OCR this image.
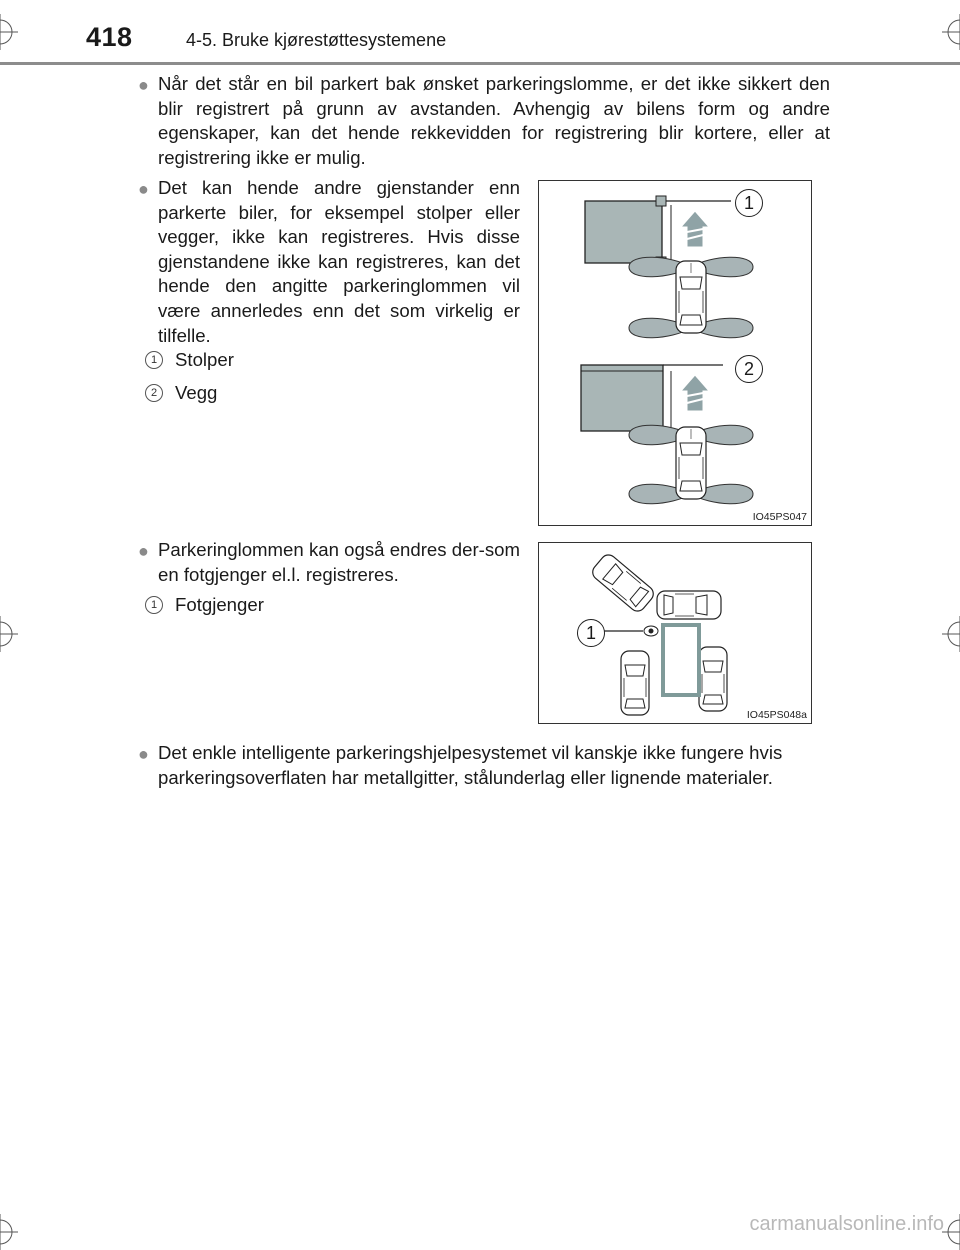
418	4-5. Bruke kjørestøttesystemene
● Når det står en bil parkert bak ønsket parkeringslomme, er det ikke sikkert den blir registrert på grunn av avstanden. Avhengig av bilens form og andre egenskaper, kan det hende rekkevidden for registrering blir kortere, eller at registrering ikke er mulig.
● Det kan hende andre gjenstander enn parkerte biler, for eksempel stolper eller vegger, ikke kan registreres. Hvis disse gjenstandene ikke kan registreres, kan det hende den angitte parkeringlommen vil være annerledes enn det som virkelig er tilfelle.
1 Stolper
2 Vegg
1
2
IO45PS047
● Parkeringlommen kan også endres der-som en fotgjenger el.l. registreres.
1 Fotgjenger
1
IO45PS048a
● Det enkle intelligente parkeringshjelpesystemet vil kanskje ikke fungere hvis parkeringsoverflaten har metallgitter, stålunderlag eller lignende materialer.
carmanualsonline.info
